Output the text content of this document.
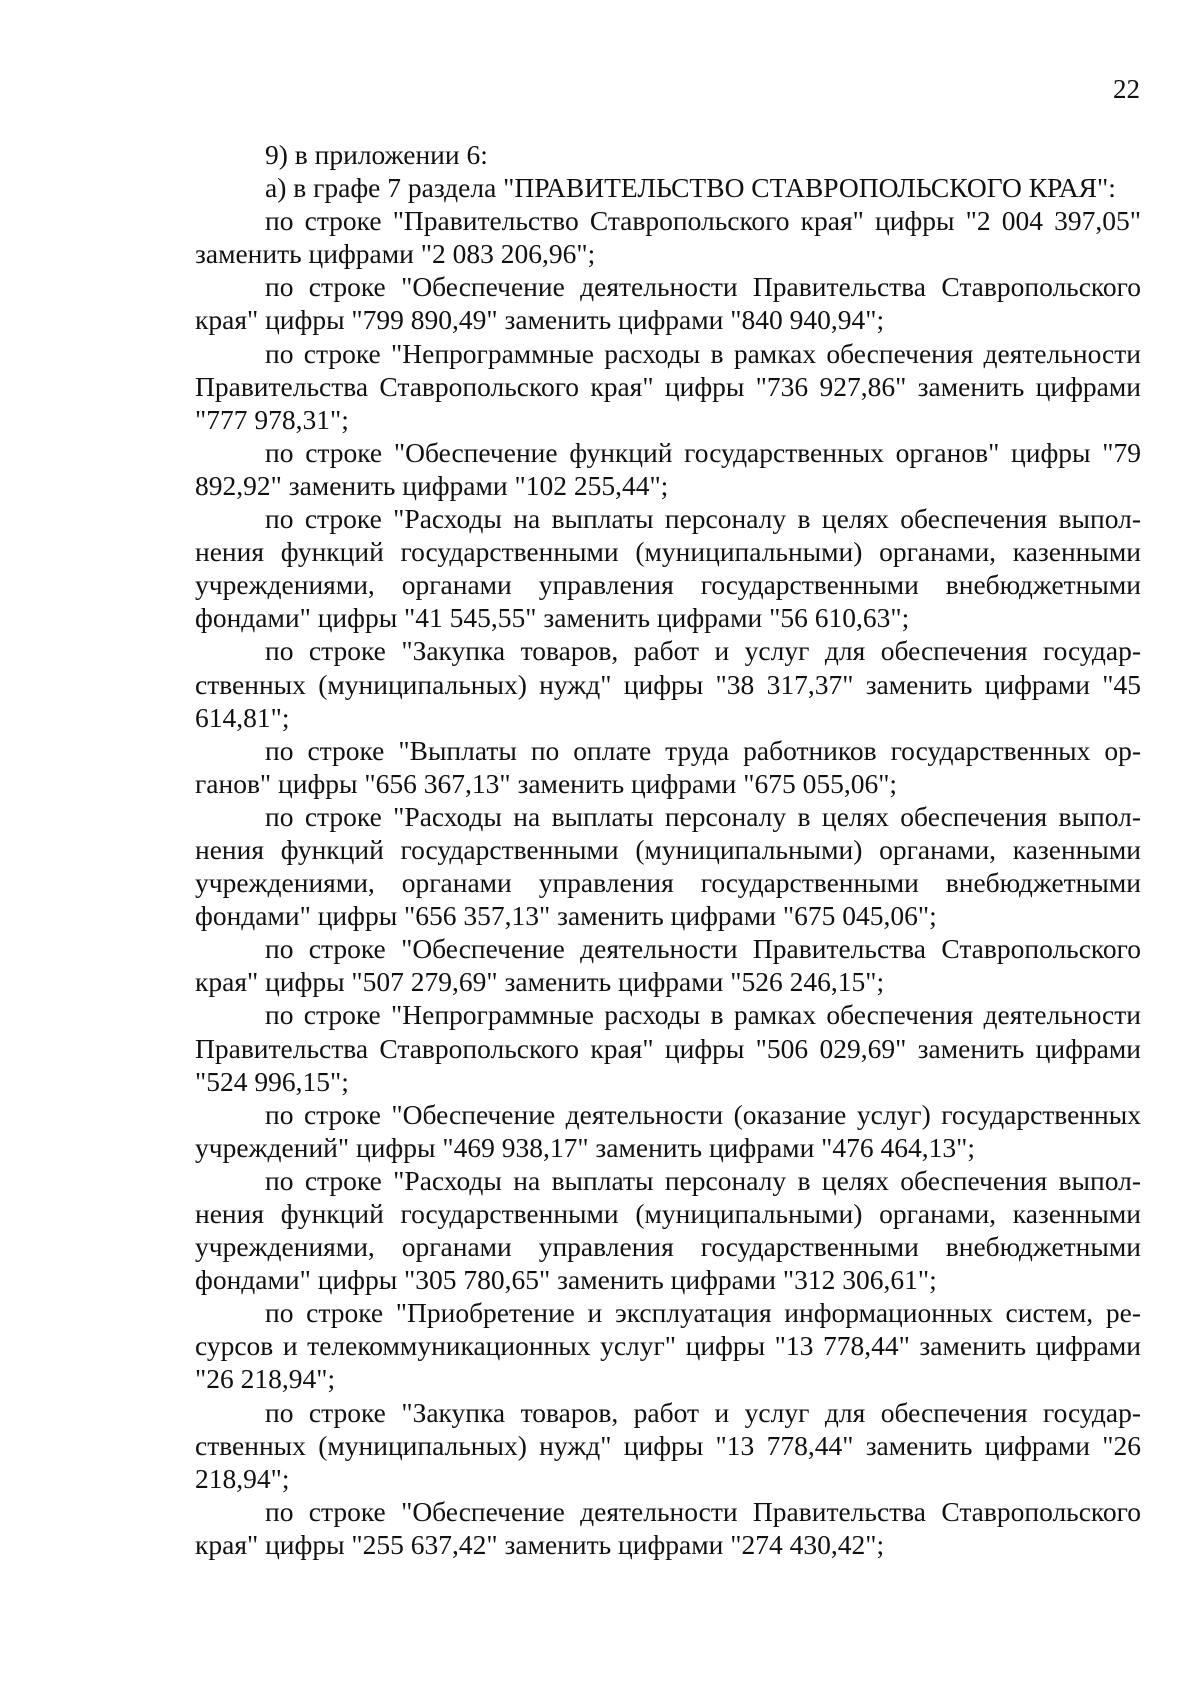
22

9) в приложении 6:

а) в графе 7 раздела "ПРАВИТЕЛЬСТВО СТАВРОПОЛЬСКОГО КРАЯ":

по строке "Правительство Ставропольского края" цифры "2 004 397,05" заменить цифрами "2 083 206,96";

по строке "Обеспечение деятельности Правительства Ставропольского края" цифры "799 890,49" заменить цифрами "840 940,94";

по строке "Непрограммные расходы в рамках обеспечения деятельности Правительства Ставропольского края" цифры "736 927,86" заменить цифрами "777 978,31";

по строке "Обеспечение функций государственных органов" цифры "79 892,92" заменить цифрами "102 255,44";

по строке "Расходы на выплаты персоналу в целях обеспечения выполнения функций государственными (муниципальными) органами, казенными учреждениями, органами управления государственными внебюджетными фондами" цифры "41 545,55" заменить цифрами "56 610,63";

по строке "Закупка товаров, работ и услуг для обеспечения государственных (муниципальных) нужд" цифры "38 317,37" заменить цифрами "45 614,81";

по строке "Выплаты по оплате труда работников государственных органов" цифры "656 367,13" заменить цифрами "675 055,06";

по строке "Расходы на выплаты персоналу в целях обеспечения выполнения функций государственными (муниципальными) органами, казенными учреждениями, органами управления государственными внебюджетными фондами" цифры "656 357,13" заменить цифрами "675 045,06";

по строке "Обеспечение деятельности Правительства Ставропольского края" цифры "507 279,69" заменить цифрами "526 246,15";

по строке "Непрограммные расходы в рамках обеспечения деятельности Правительства Ставропольского края" цифры "506 029,69" заменить цифрами "524 996,15";

по строке "Обеспечение деятельности (оказание услуг) государственных учреждений" цифры "469 938,17" заменить цифрами "476 464,13";

по строке "Расходы на выплаты персоналу в целях обеспечения выполнения функций государственными (муниципальными) органами, казенными учреждениями, органами управления государственными внебюджетными фондами" цифры "305 780,65" заменить цифрами "312 306,61";

по строке "Приобретение и эксплуатация информационных систем, ресурсов и телекоммуникационных услуг" цифры "13 778,44" заменить цифрами "26 218,94";

по строке "Закупка товаров, работ и услуг для обеспечения государственных (муниципальных) нужд" цифры "13 778,44" заменить цифрами "26 218,94";

по строке "Обеспечение деятельности Правительства Ставропольского края" цифры "255 637,42" заменить цифрами "274 430,42";
